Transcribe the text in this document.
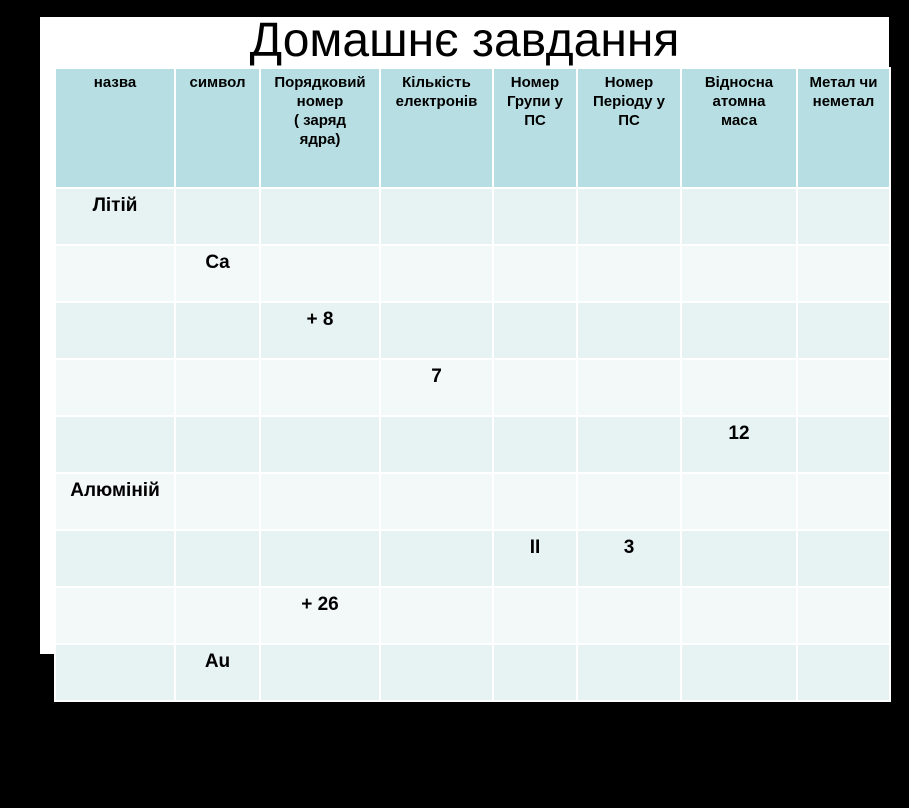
Домашнє завдання
назва	символ	Порядковий
номер
( заряд
ядра)	Кількість
електронів	Номер
Групи у
ПС	Номер
Періоду у
ПС	Відносна
атомна
маса	Метал чи
неметал
Літій							
	Ca						
		+ 8					
			7				
						12	
Алюміній							
				II	3		
		+ 26					
	Au						
